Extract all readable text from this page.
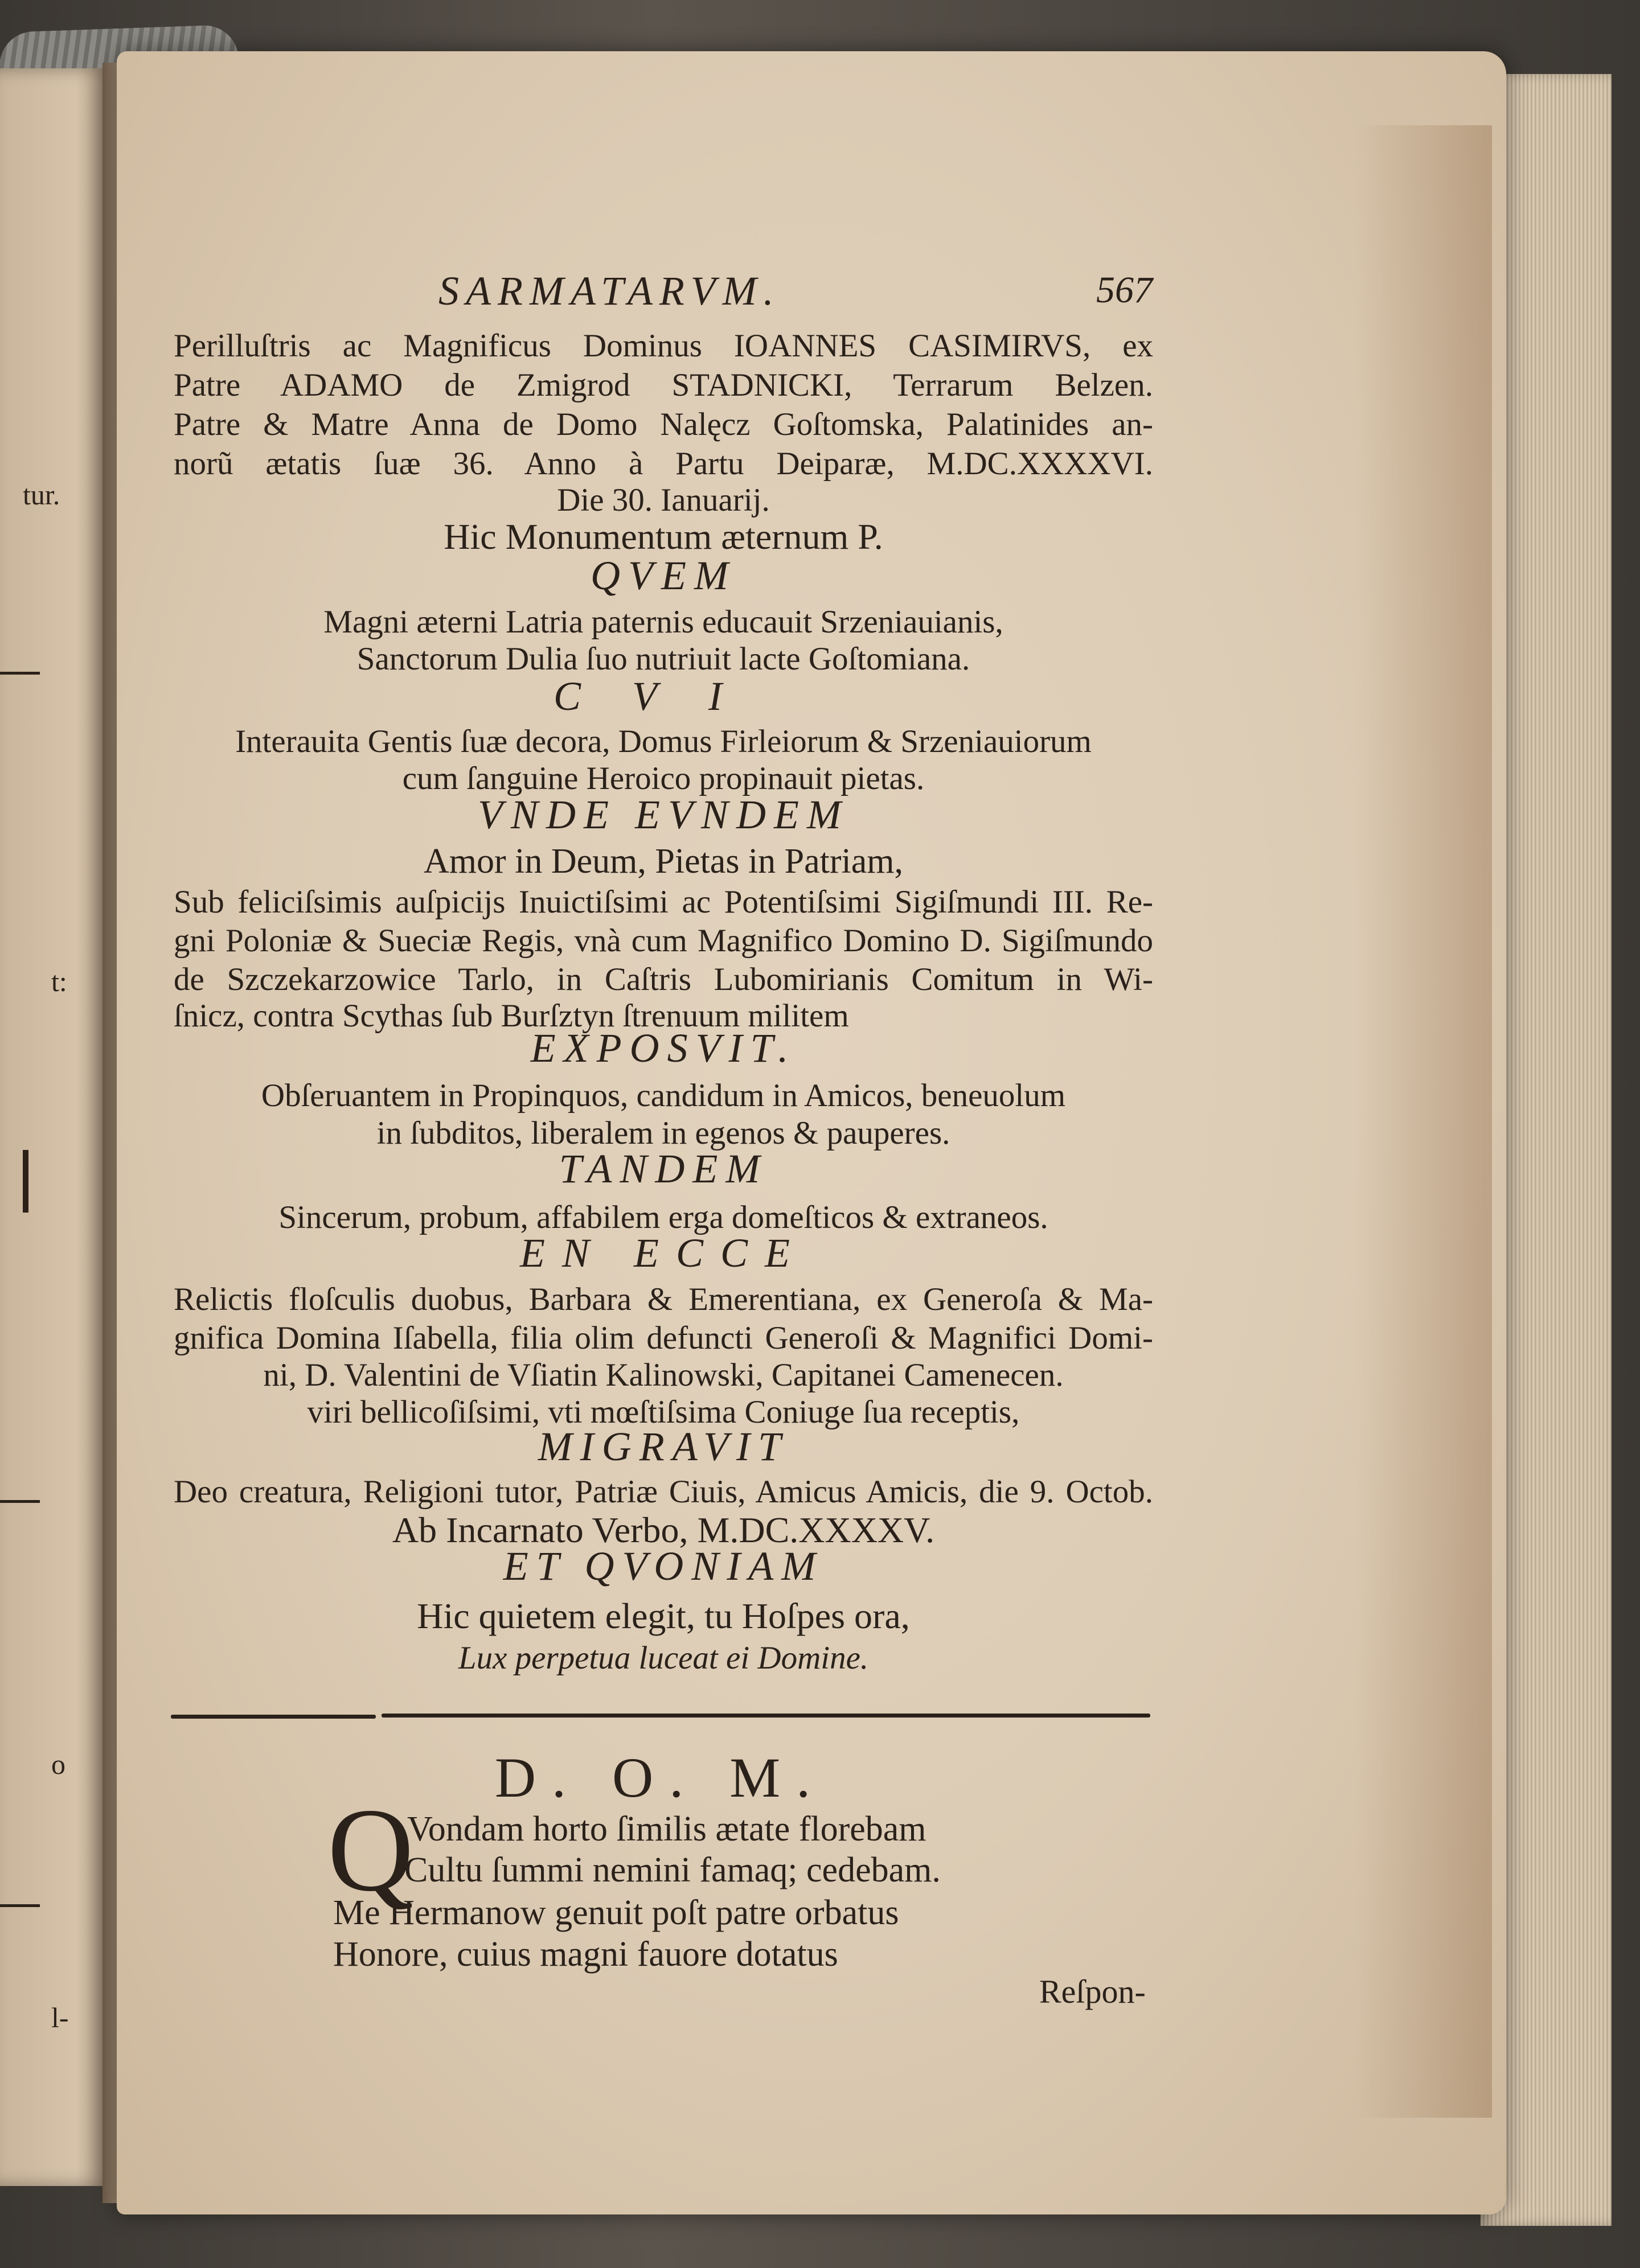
tur.
t:
o
l-
SARMATARVM.	567
Perilluſtris ac Magnificus Dominus IOANNES CASIMIRVS, ex
Patre ADAMO de Zmigrod STADNICKI, Terrarum Belzen.
Patre & Matre Anna de Domo Nalęcz Goſtomska, Palatinides an-
norũ ætatis ſuæ 36. Anno à Partu Deiparæ, M.DC.XXXXVI.
Die 30. Ianuarij.
Hic Monumentum æternum P.
QVEM
Magni æterni Latria paternis educauit Srzeniauianis,
Sanctorum Dulia ſuo nutriuit lacte Goſtomiana.
CVI
Interauita Gentis ſuæ decora, Domus Firleiorum & Srzeniauiorum
cum ſanguine Heroico propinauit pietas.
VNDE EVNDEM
Amor in Deum, Pietas in Patriam,
Sub feliciſsimis auſpicijs Inuictiſsimi ac Potentiſsimi Sigiſmundi III. Re-
gni Poloniæ & Sueciæ Regis, vnà cum Magnifico Domino D. Sigiſmundo
de Szczekarzowice Tarlo, in Caſtris Lubomirianis Comitum in Wi-
ſnicz, contra Scythas ſub Burſztyn ſtrenuum militem
EXPOSVIT.
Obſeruantem in Propinquos, candidum in Amicos, beneuolum
in ſubditos, liberalem in egenos & pauperes.
TANDEM
Sincerum, probum, affabilem erga domeſticos & extraneos.
EN ECCE
Relictis floſculis duobus, Barbara & Emerentiana, ex Generoſa & Ma-
gnifica Domina Iſabella, filia olim defuncti Generoſi & Magnifici Domi-
ni, D. Valentini de Vſiatin Kalinowski, Capitanei Camenecen.
viri bellicoſiſsimi, vti mœſtiſsima Coniuge ſua receptis,
MIGRAVIT
Deo creatura, Religioni tutor, Patriæ Ciuis, Amicus Amicis, die 9. Octob.
Ab Incarnato Verbo, M.DC.XXXXV.
ET QVONIAM
Hic quietem elegit, tu Hoſpes ora,
Lux perpetua luceat ei Domine.
D. O. M.
Q
Vondam horto ſimilis ætate florebam
Cultu ſummi nemini famaq; cedebam.
Me Hermanow genuit poſt patre orbatus
Honore, cuius magni fauore dotatus
Reſpon-
